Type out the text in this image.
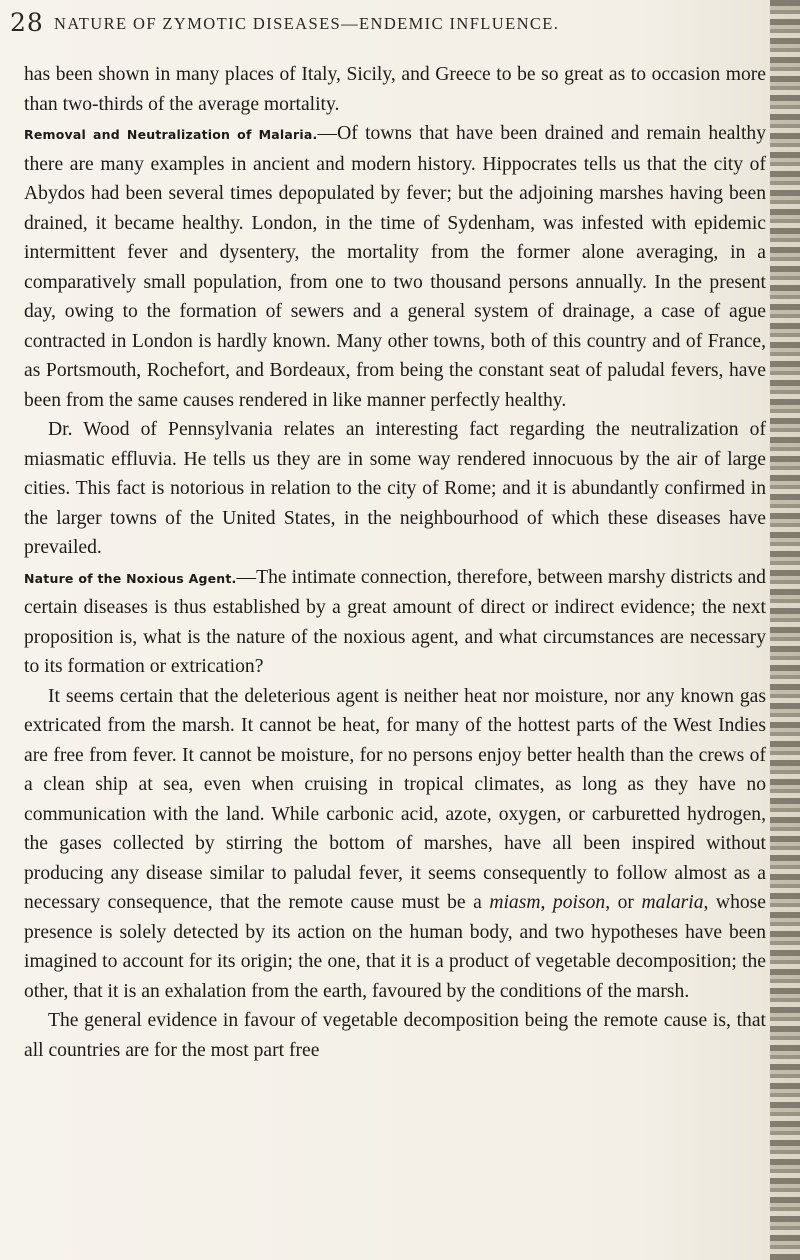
28 NATURE OF ZYMOTIC DISEASES—ENDEMIC INFLUENCE.

has been shown in many places of Italy, Sicily, and Greece to be so great as to occasion more than two-thirds of the average mortality.

Removal and Neutralization of Malaria.—Of towns that have been drained and remain healthy there are many examples in ancient and modern history. Hippocrates tells us that the city of Abydos had been several times depopulated by fever; but the adjoining marshes having been drained, it became healthy. London, in the time of Sydenham, was infested with epidemic intermittent fever and dysentery, the mortality from the former alone averaging, in a comparatively small population, from one to two thousand persons annually. In the present day, owing to the formation of sewers and a general system of drainage, a case of ague contracted in London is hardly known. Many other towns, both of this country and of France, as Portsmouth, Rochefort, and Bordeaux, from being the constant seat of paludal fevers, have been from the same causes rendered in like manner perfectly healthy.

Dr. Wood of Pennsylvania relates an interesting fact regarding the neutralization of miasmatic effluvia. He tells us they are in some way rendered innocuous by the air of large cities. This fact is notorious in relation to the city of Rome; and it is abundantly confirmed in the larger towns of the United States, in the neighbourhood of which these diseases have prevailed.

Nature of the Noxious Agent.—The intimate connection, therefore, between marshy districts and certain diseases is thus established by a great amount of direct or indirect evidence; the next proposition is, what is the nature of the noxious agent, and what circumstances are necessary to its formation or extrication?

It seems certain that the deleterious agent is neither heat nor moisture, nor any known gas extricated from the marsh. It cannot be heat, for many of the hottest parts of the West Indies are free from fever. It cannot be moisture, for no persons enjoy better health than the crews of a clean ship at sea, even when cruising in tropical climates, as long as they have no communication with the land. While carbonic acid, azote, oxygen, or carburetted hydrogen, the gases collected by stirring the bottom of marshes, have all been inspired without producing any disease similar to paludal fever, it seems consequently to follow almost as a necessary consequence, that the remote cause must be a miasm, poison, or malaria, whose presence is solely detected by its action on the human body, and two hypotheses have been imagined to account for its origin; the one, that it is a product of vegetable decomposition; the other, that it is an exhalation from the earth, favoured by the conditions of the marsh.

The general evidence in favour of vegetable decomposition being the remote cause is, that all countries are for the most part free
